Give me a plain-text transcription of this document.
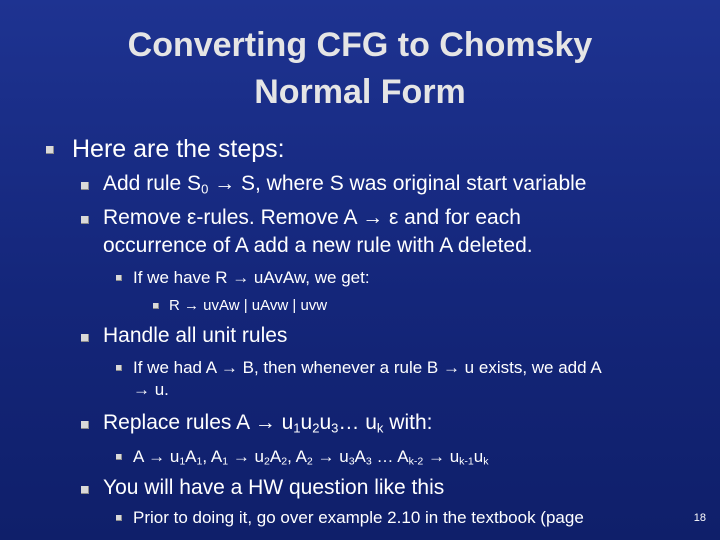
Converting CFG to Chomsky
Normal Form
Here are the steps:
Add rule $S_0 \to S$, where S was original start variable
Remove ε-rules. Remove A → ε and for each
occurrence of A add a new rule with A deleted.
If we have R → uAvAw, we get:
R → uvAw | uAvw | uvw
Handle all unit rules
If we had A → B, then whenever a rule B → u exists, we add A
→ u.
Replace rules $A \to u_1u_2u_3\dots$ $u_k$ with:
$A \to u_1A_1$, $A_1 \to u_2A_2$, $A_2 \to u_3A_3$ … $A_{k-2} \to u_{k-1}u_k$
You will have a HW question like this
Prior to doing it, go over example 2.10 in the textbook (page	18
